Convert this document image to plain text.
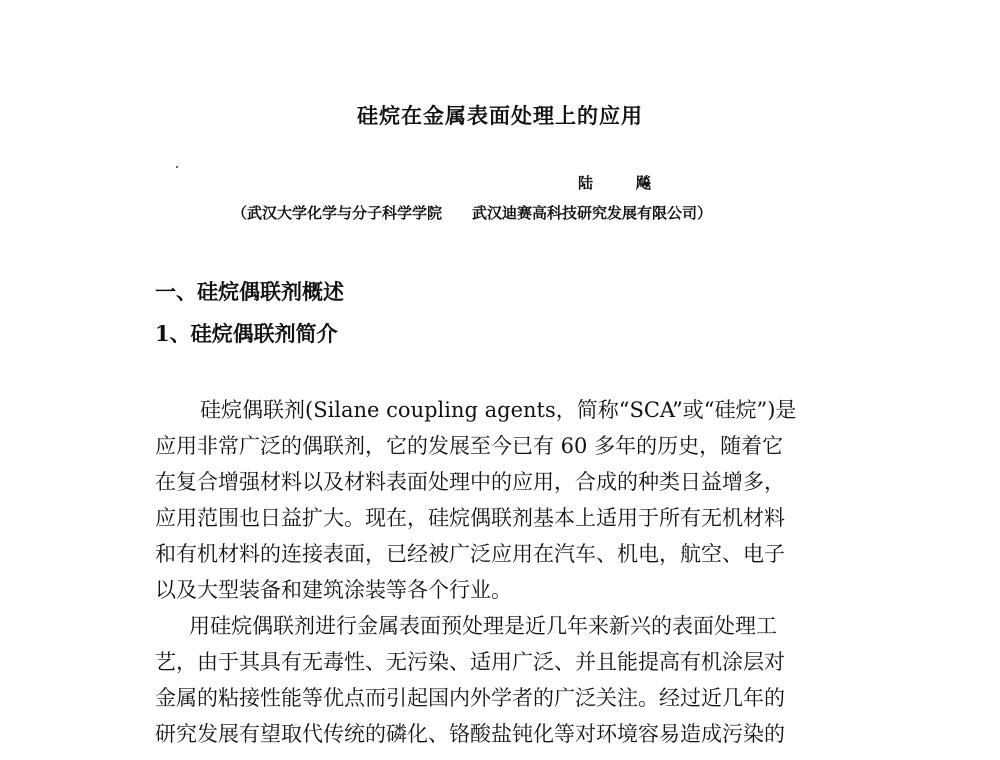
硅烷在金属表面处理上的应用
陆	飚
（武汉大学化学与分子科学学院 武汉迪赛高科技研究发展有限公司）
一、硅烷偶联剂概述
1、硅烷偶联剂简介
硅烷偶联剂(Silane coupling agents，简称“SCA”或“硅烷”)是
应用非常广泛的偶联剂，它的发展至今已有 60 多年的历史，随着它
在复合增强材料以及材料表面处理中的应用，合成的种类日益增多，
应用范围也日益扩大。现在，硅烷偶联剂基本上适用于所有无机材料
和有机材料的连接表面，已经被广泛应用在汽车、机电，航空、电子
以及大型装备和建筑涂装等各个行业。
用硅烷偶联剂进行金属表面预处理是近几年来新兴的表面处理工
艺，由于其具有无毒性、无污染、适用广泛、并且能提高有机涂层对
金属的粘接性能等优点而引起国内外学者的广泛关注。经过近几年的
研究发展有望取代传统的磷化、铬酸盐钝化等对环境容易造成污染的
